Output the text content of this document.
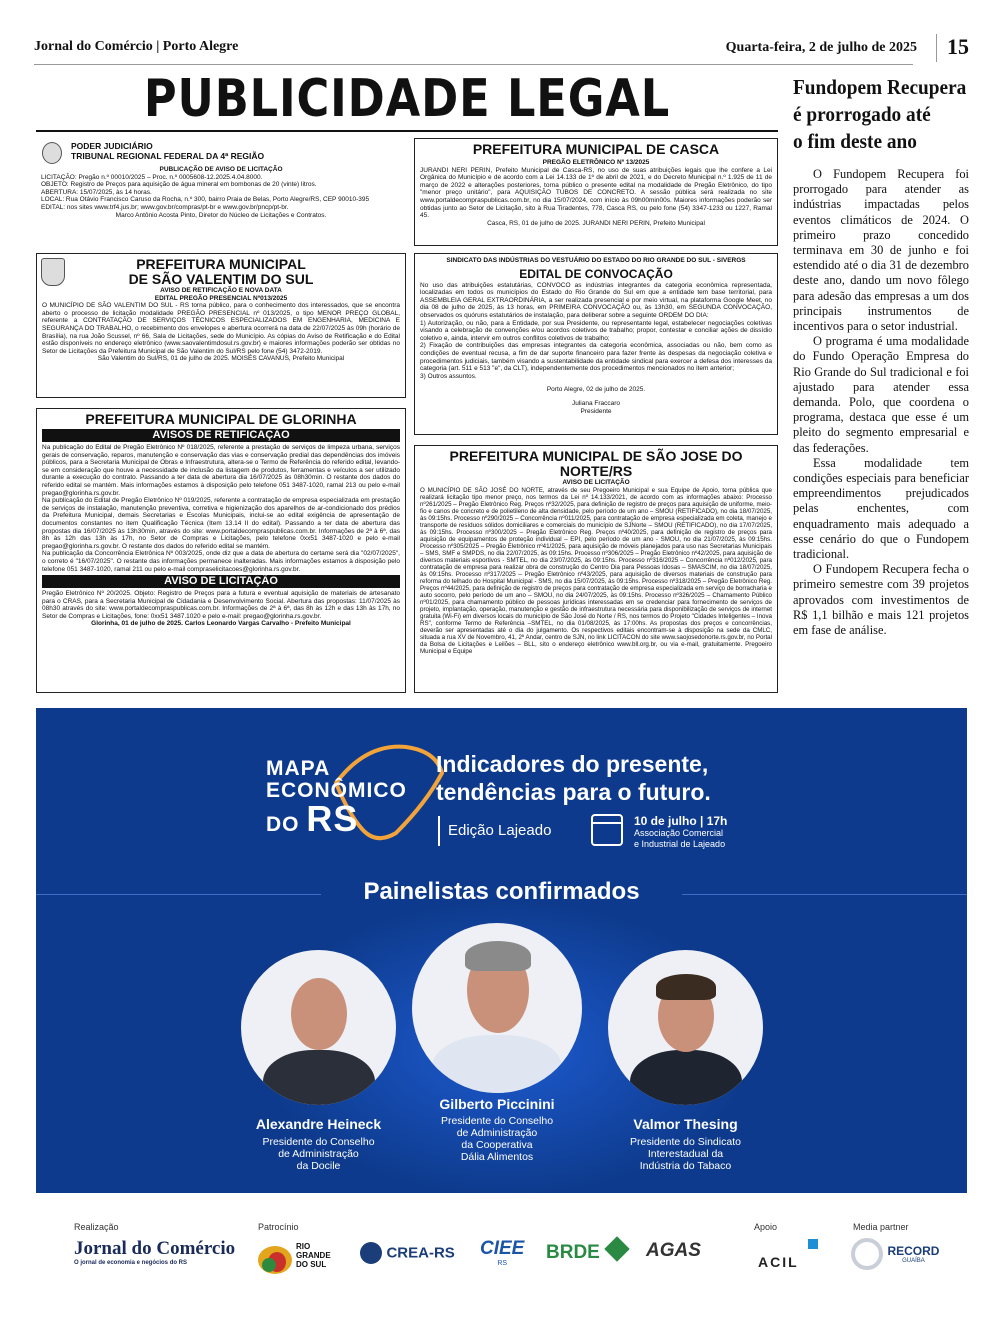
Jornal do Comércio | Porto Alegre	Quarta-feira, 2 de julho de 2025	15
PUBLICIDADE LEGAL
PODER JUDICIÁRIO
TRIBUNAL REGIONAL FEDERAL DA 4ª REGIÃO

PUBLICAÇÃO DE AVISO DE LICITAÇÃO

LICITAÇÃO: Pregão n.º 00010/2025 – Proc. n.º 0005608-12.2025.4.04.8000.

OBJETO: Registro de Preços para aquisição de água mineral em bombonas de 20 (vinte) litros.

ABERTURA: 15/07/2025, às 14 horas.

LOCAL: Rua Otávio Francisco Caruso da Rocha, n.º 300, bairro Praia de Belas, Porto Alegre/RS, CEP 90010-395

EDITAL: nos sites www.trf4.jus.br; www.gov.br/compras/pt-br e www.gov.br/pncp/pt-br.

Marco Antônio Acosta Pinto, Diretor do Núcleo de Licitações e Contratos.

PREFEITURA MUNICIPAL DE CASCA

PREGÃO ELETRÔNICO Nº 13/2025

JURANDI NERI PERIN, Prefeito Municipal de Casca-RS, no uso de suas atribuições legais que lhe confere a Lei Orgânica do Município e de acordo com a Lei 14.133 de 1º de abril de 2021, e do Decreto Municipal n.º 1.925 de 11 de março de 2022 e alterações posteriores, torna público o presente edital na modalidade de Pregão Eletrônico, do tipo "menor preço unitário", para AQUISIÇÃO TUBOS DE CONCRETO. A sessão pública será realizada no site www.portaldecompraspublicas.com.br, no dia 15/07/2024, com início às 09h00min00s. Maiores informações poderão ser obtidas junto ao Setor de Licitação, sito à Rua Tiradentes, 778, Casca RS, ou pelo fone (54) 3347-1233 ou 1227, Ramal 45.

Casca, RS, 01 de julho de 2025. JURANDI NERI PERIN, Prefeito Municipal

PREFEITURA MUNICIPAL
DE SÃO VALENTIM DO SUL

AVISO DE RETIFICAÇÃO E NOVA DATA

EDITAL PREGÃO PRESENCIAL Nº013/2025

O MUNICÍPIO DE SÃO VALENTIM DO SUL - RS torna público, para o conhecimento dos interessados, que se encontra aberto o processo de licitação modalidade PREGÃO PRESENCIAL nº 013/2025, o tipo MENOR PREÇO GLOBAL, referente a CONTRATAÇÃO DE SERVIÇOS TÉCNICOS ESPECIALIZADOS EM ENGENHARIA, MEDICINA E SEGURANÇA DO TRABALHO, o recebimento dos envelopes e abertura ocorrerá na data de 22/07/2025 às 09h (horário de Brasília), na rua João Scussel, nº 66, Sala de Licitações, sede do Município. As cópias do Aviso de Retificação e do Edital estão disponíveis no endereço eletrônico (www.saovalentimdosul.rs.gov.br) e maiores informações poderão ser obtidas no Setor de Licitações da Prefeitura Municipal de São Valentim do Sul/RS pelo fone (54) 3472-2019.

São Valentim do Sul/RS, 01 de julho de 2025. MOISÉS CAVANUS, Prefeito Municipal

SINDICATO DAS INDÚSTRIAS DO VESTUÁRIO DO ESTADO DO RIO GRANDE DO SUL - SIVERGS

EDITAL DE CONVOCAÇÃO

No uso das atribuições estatutárias, CONVOCO as indústrias integrantes da categoria econômica representada, localizadas em todos os municípios do Estado do Rio Grande do Sul em que a entidade tem base territorial, para ASSEMBLEIA GERAL EXTRAORDINÁRIA, a ser realizada presencial e por meio virtual, na plataforma Google Meet, no dia 08 de julho de 2025, às 13 horas, em PRIMEIRA CONVOCAÇÃO ou, às 13h30, em SEGUNDA CONVOCAÇÃO, observados os quóruns estatutários de instalação, para deliberar sobre a seguinte ORDEM DO DIA:

1) Autorização, ou não, para a Entidade, por sua Presidente, ou representante legal, estabelecer negociações coletivas visando a celebração de convenções e/ou acordos coletivos de trabalho; propor, contestar e conciliar ações de dissídio coletivo e, ainda, intervir em outros conflitos coletivos de trabalho;

2) Fixação de contribuições das empresas integrantes da categoria econômica, associadas ou não, bem como as condições de eventual recusa, a fim de dar suporte financeiro para fazer frente às despesas da negociação coletiva e procedimentos judiciais, também visando a sustentabilidade da entidade sindical para exercer a defesa dos interesses da categoria (art. 511 e 513 "e", da CLT), independentemente dos procedimentos mencionados no item anterior;

3) Outros assuntos.

Porto Alegre, 02 de julho de 2025.

Juliana Fraccaro

Presidente

PREFEITURA MUNICIPAL DE GLORINHA
AVISOS DE RETIFICAÇÃO

Na publicação do Edital de Pregão Eletrônico Nº 018/2025, referente a prestação de serviços de limpeza urbana, serviços gerais de conservação, reparos, manutenção e conservação das vias e conservação predial das dependências dos imóveis públicos, para a Secretaria Municipal de Obras e Infraestrutura, altera-se o Termo de Referência do referido edital, levando-se em consideração que houve a necessidade de inclusão da listagem de produtos, ferramentas e veículos a ser utilizado durante a execução do contrato. Passando a ter data de abertura dia 16/07/2025 às 08h30min. O restante dos dados do referido edital se mantém. Mais informações estamos à disposição pelo telefone 051 3487-1020, ramal 213 ou pelo e-mail pregao@glorinha.rs.gov.br.

Na publicação do Edital de Pregão Eletrônico Nº 019/2025, referente a contratação de empresa especializada em prestação de serviços de instalação, manutenção preventiva, corretiva e higienização dos aparelhos de ar-condicionado dos prédios da Prefeitura Municipal, demais Secretarias e Escolas Municipais, inclui-se ao edital exigência de apresentação de documentos constantes no item Qualificação Técnica (Item 13.14 II do edital). Passando a ter data de abertura das propostas dia 16/07/2025 às 13h30min, através do site: www.portaldecompraspublicas.com.br. Informações de 2ª à 6ª, das 8h às 12h das 13h às 17h, no Setor de Compras e Licitações, pelo telefone 0xx51 3487-1020 e pelo e-mail pregao@glorinha.rs.gov.br. O restante dos dados do referido edital se mantém.

Na publicação da Concorrência Eletrônica Nº 003/2025, onde diz que a data de abertura do certame será dia "02/07/2025", o correto é "16/07/2025". O restante das informações permanece inalteradas. Mais informações estamos à disposição pelo telefone 051 3487-1020, ramal 211 ou pelo e-mail compraselicitacoes@glorinha.rs.gov.br.

AVISO DE LICITAÇÃO

Pregão Eletrônico Nº 20/2025. Objeto: Registro de Preços para a futura e eventual aquisição de materiais de artesanato para o CRAS, para a Secretaria Municipal de Cidadania e Desenvolvimento Social. Abertura das propostas: 11/07/2025 às 08h30 através do site: www.portaldecompraspublicas.com.br. Informações de 2ª à 6ª, das 8h às 12h e das 13h às 17h, no Setor de Compras e Licitações, fone: 0xx51 3487.1020 e pelo e-mail: pregao@glorinha.rs.gov.br.

Glorinha, 01 de julho de 2025. Carlos Leonardo Vargas Carvalho - Prefeito Municipal

PREFEITURA MUNICIPAL DE SÃO JOSE DO NORTE/RS

AVISO DE LICITAÇÃO

O MUNICÍPIO DE SÃO JOSÉ DO NORTE, através de seu Pregoeiro Municipal e sua Equipe de Apoio, torna pública que realizará licitação tipo menor preço, nos termos da Lei nº 14.133/2021, de acordo com as informações abaixo: Processo nº261/2025 – Pregão Eletrônico Reg. Preços nº32/2025, para definição de registro de preços para aquisição de uniforme, meio-fio e canos de concreto e de polietileno de alta densidade, pelo período de um ano – SMOU (RETIFICADO), no dia 18/07/2025, às 09:15hs. Processo nº290/2025 – Concorrência nº011/2025, para contratação de empresa especializada em coleta, manejo e transporte de resíduos sólidos domiciliares e comerciais do município de SJNorte – SMOU (RETIFICADO), no dia 17/07/2025, às 09:15hs. Processo nº300/2025 – Pregão Eletrônico Reg. Preços nº40/2025, para definição de registro de preços para aquisição de equipamentos de proteção individual – EPI, pelo período de um ano - SMOU, no dia 21/07/2025, às 09:15hs. Processo nº305/2025 – Pregão Eletrônico nº41/2025, para aquisição de móveis planejados para uso nas Secretarias Municipais – SMS, SMF e SMPDS, no dia 22/07/2025, às 09:15hs. Processo nº306/2025 – Pregão Eletrônico nº42/2025, para aquisição de diversos materiais esportivos - SMTEL, no dia 23/07/2025, às 09:15hs. Processo nº316/2025 – Concorrência nº012/2025, para contratação de empresa para realizar obra de construção do Centro Dia para Pessoas Idosas – SMASCIM, no dia 18/07/2025, às 09:15hs. Processo nº317/2025 – Pregão Eletrônico nº43/2025, para aquisição de diversos materiais de construção para reforma do telhado do Hospital Municipal - SMS, no dia 15/07/2025, às 09:15hs. Processo nº318/2025 – Pregão Eletrônico Reg. Preços nº44/2025, para definição de registro de preços para contratação de empresa especializada em serviço de borracharia e auto socorro, pelo período de um ano – SMOU, no dia 24/07/2025, às 09:15hs. Processo nº326/2025 – Chamamento Público nº01/2025, para chamamento público de pessoas jurídicas interessadas em se credenciar para fornecimento de serviços de projeto, implantação, operação, manutenção e gestão de infraestrutura necessária para disponibilização de serviços de internet gratuita (Wi-Fi) em diversos locais do município de São José do Norte / RS, nos termos do Projeto "Cidades Inteligentes – Inova RS", conforme Termo de Referência –SMTEL, no dia 01/08/2025, às 17:00hs. As propostas dos preços e concorrências, deverão ser apresentadas até o dia do julgamento. Os respectivos editais encontram-se à disposição na sede da CMLC, situada a rua XV de Novembro, 41, 2º Andar, centro de SJN, no link LICITACON do site www.saojosedonorte.rs.gov.br, no Portal da Bolsa de Licitações e Leilões – BLL, sito o endereço eletrônico www.bll.org.br, ou via e-mail, gratuitamente. Pregoeiro Municipal e Equipe

Fundopem Recupera
é prorrogado até
o fim deste ano

O Fundopem Recupera foi prorrogado para atender as indústrias impactadas pelos eventos climáticos de 2024. O primeiro prazo concedido terminava em 30 de junho e foi estendido até o dia 31 de dezembro deste ano, dando um novo fôlego para adesão das empresas a um dos principais instrumentos de incentivos para o setor industrial.

O programa é uma modalidade do Fundo Operação Empresa do Rio Grande do Sul tradicional e foi ajustado para atender essa demanda. Polo, que coordena o programa, destaca que esse é um pleito do segmento empresarial e das federações.

Essa modalidade tem condições especiais para beneficiar empreendimentos prejudicados pelas enchentes, com enquadramento mais adequado a esse cenário do que o Fundopem tradicional.

O Fundopem Recupera fecha o primeiro semestre com 39 projetos aprovados com investimentos de R$ 1,1 bilhão e mais 121 projetos em fase de análise.

MAPA
ECONÔMICO
DO RS
Indicadores do presente,
tendências para o futuro.
Edição Lajeado
10 de julho | 17h
Associação Comercial
e Industrial de Lajeado
Painelistas confirmados
Alexandre Heineck
Presidente do Conselho
de Administração
da Docile
Gilberto Piccinini
Presidente do Conselho
de Administração
da Cooperativa
Dália Alimentos
Valmor Thesing
Presidente do Sindicato
Interestadual da
Indústria do Tabaco
Realização	Patrocínio	Apoio	Media partner
Jornal do Comércio
O jornal de economia e negócios do RS
RIO
GRANDE
DO SUL
CREA-RS CIEE
RS
BRDE	AGAS
ACIL

RECORD
GUAÍBA
